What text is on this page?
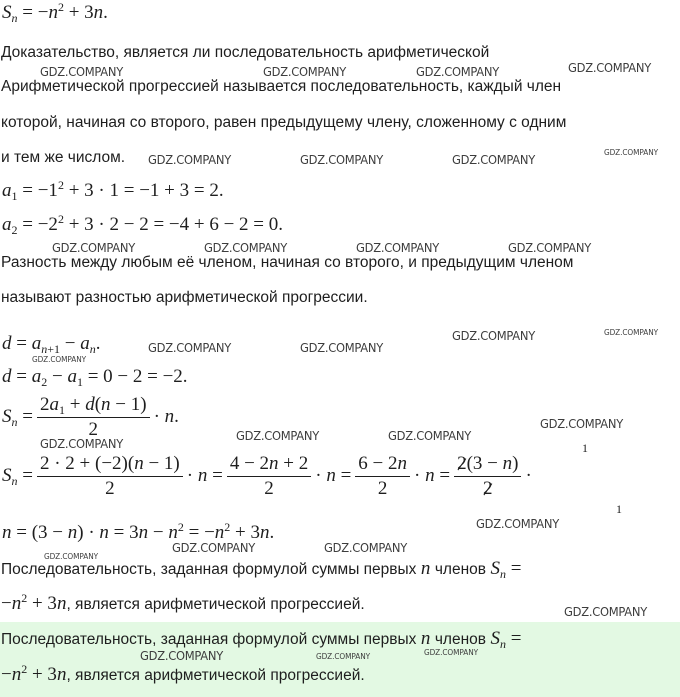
$S_n = -n^2 + 3n$.
Доказательство, является ли последовательность арифметической
Арифметической прогрессией называется последовательность, каждый член
которой, начиная со второго, равен предыдущему члену, сложенному с одним
и тем же числом.
$a_1 = -1^2 + 3 \cdot 1 = -1 + 3 = 2$.
$a_2 = -2^2 + 3 \cdot 2 - 2 = -4 + 6 - 2 = 0$.
Разность между любым её членом, начиная со второго, и предыдущим членом
называют разностью арифметической прогрессии.
$d = a_{n+1} - a_n$.
$d = a_2 - a_1 = 0 - 2 = -2$.
$S_n = \frac{2a_1 + d(n - 1)}{2} \cdot n$.
$S_n = \frac{2 \cdot 2 + (-2)(n - 1)}{2} \cdot n = \frac{4 - 2n + 2}{2} \cdot n = \frac{6 - 2n}{2} \cdot n = \frac{2(3 - n)}{2}$ ·
1
1
$n = (3 - n) \cdot n = 3n - n^2 = -n^2 + 3n$.
Последовательность, заданная формулой суммы первых n членов $S_n$ =
$-n^2 + 3n$, является арифметической прогрессией.
Последовательность, заданная формулой суммы первых n членов $S_n$ =
$-n^2 + 3n$, является арифметической прогрессией.
GDZ.COMPANY	GDZ.COMPANY	GDZ.COMPANY	GDZ.COMPANY
GDZ.COMPANY	GDZ.COMPANY	GDZ.COMPANY	GDZ.COMPANY
GDZ.COMPANY	GDZ.COMPANY	GDZ.COMPANY	GDZ.COMPANY
GDZ.COMPANY	GDZ.COMPANY
GDZ.COMPANY	GDZ.COMPANY
GDZ.COMPANY
GDZ.COMPANY
GDZ.COMPANY	GDZ.COMPANY
GDZ.COMPANY
GDZ.COMPANY
GDZ.COMPANY	GDZ.COMPANY
GDZ.COMPANY
GDZ.COMPANY
GDZ.COMPANY	GDZ.COMPANY	GDZ.COMPANY
